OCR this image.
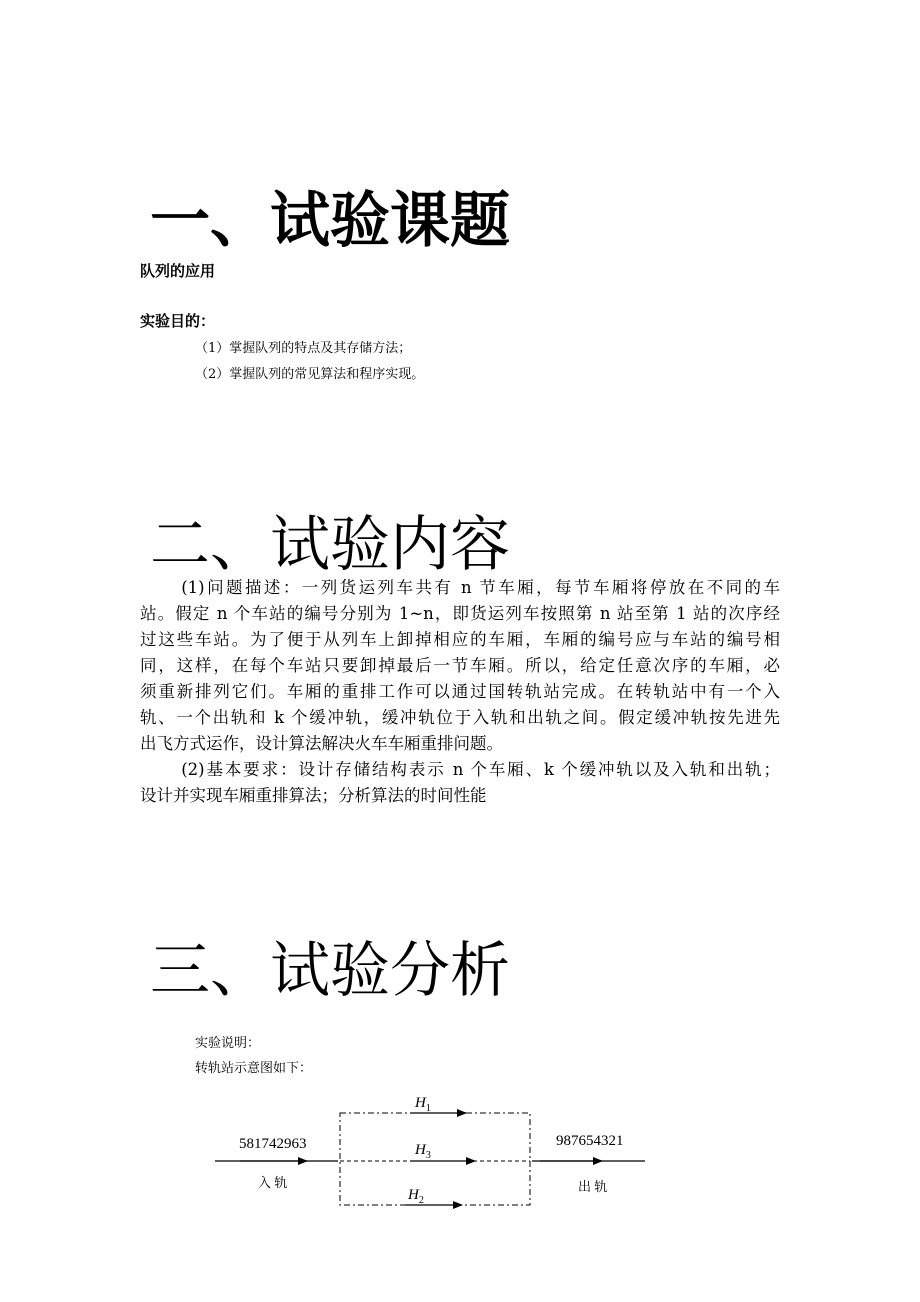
一、试验课题
队列的应用
实验目的：
（1）掌握队列的特点及其存储方法；
（2）掌握队列的常见算法和程序实现。
二、试验内容

(1)问题描述：一列货运列车共有 n 节车厢，每节车厢将停放在不同的车

站。假定 n 个车站的编号分别为 1~n，即货运列车按照第 n 站至第 1 站的次序经

过这些车站。为了便于从列车上卸掉相应的车厢，车厢的编号应与车站的编号相

同，这样，在每个车站只要卸掉最后一节车厢。所以，给定任意次序的车厢，必

须重新排列它们。车厢的重排工作可以通过国转轨站完成。在转轨站中有一个入

轨、一个出轨和 k 个缓冲轨，缓冲轨位于入轨和出轨之间。假定缓冲轨按先进先

出飞方式运作，设计算法解决火车车厢重排问题。

(2)基本要求：设计存储结构表示 n 个车厢、k 个缓冲轨以及入轨和出轨；

设计并实现车厢重排算法；分析算法的时间性能

三、试验分析
实验说明：
转轨站示意图如下：
581742963	987654321
入 轨	出 轨
$H_1$
$H_3$
$H_2$
